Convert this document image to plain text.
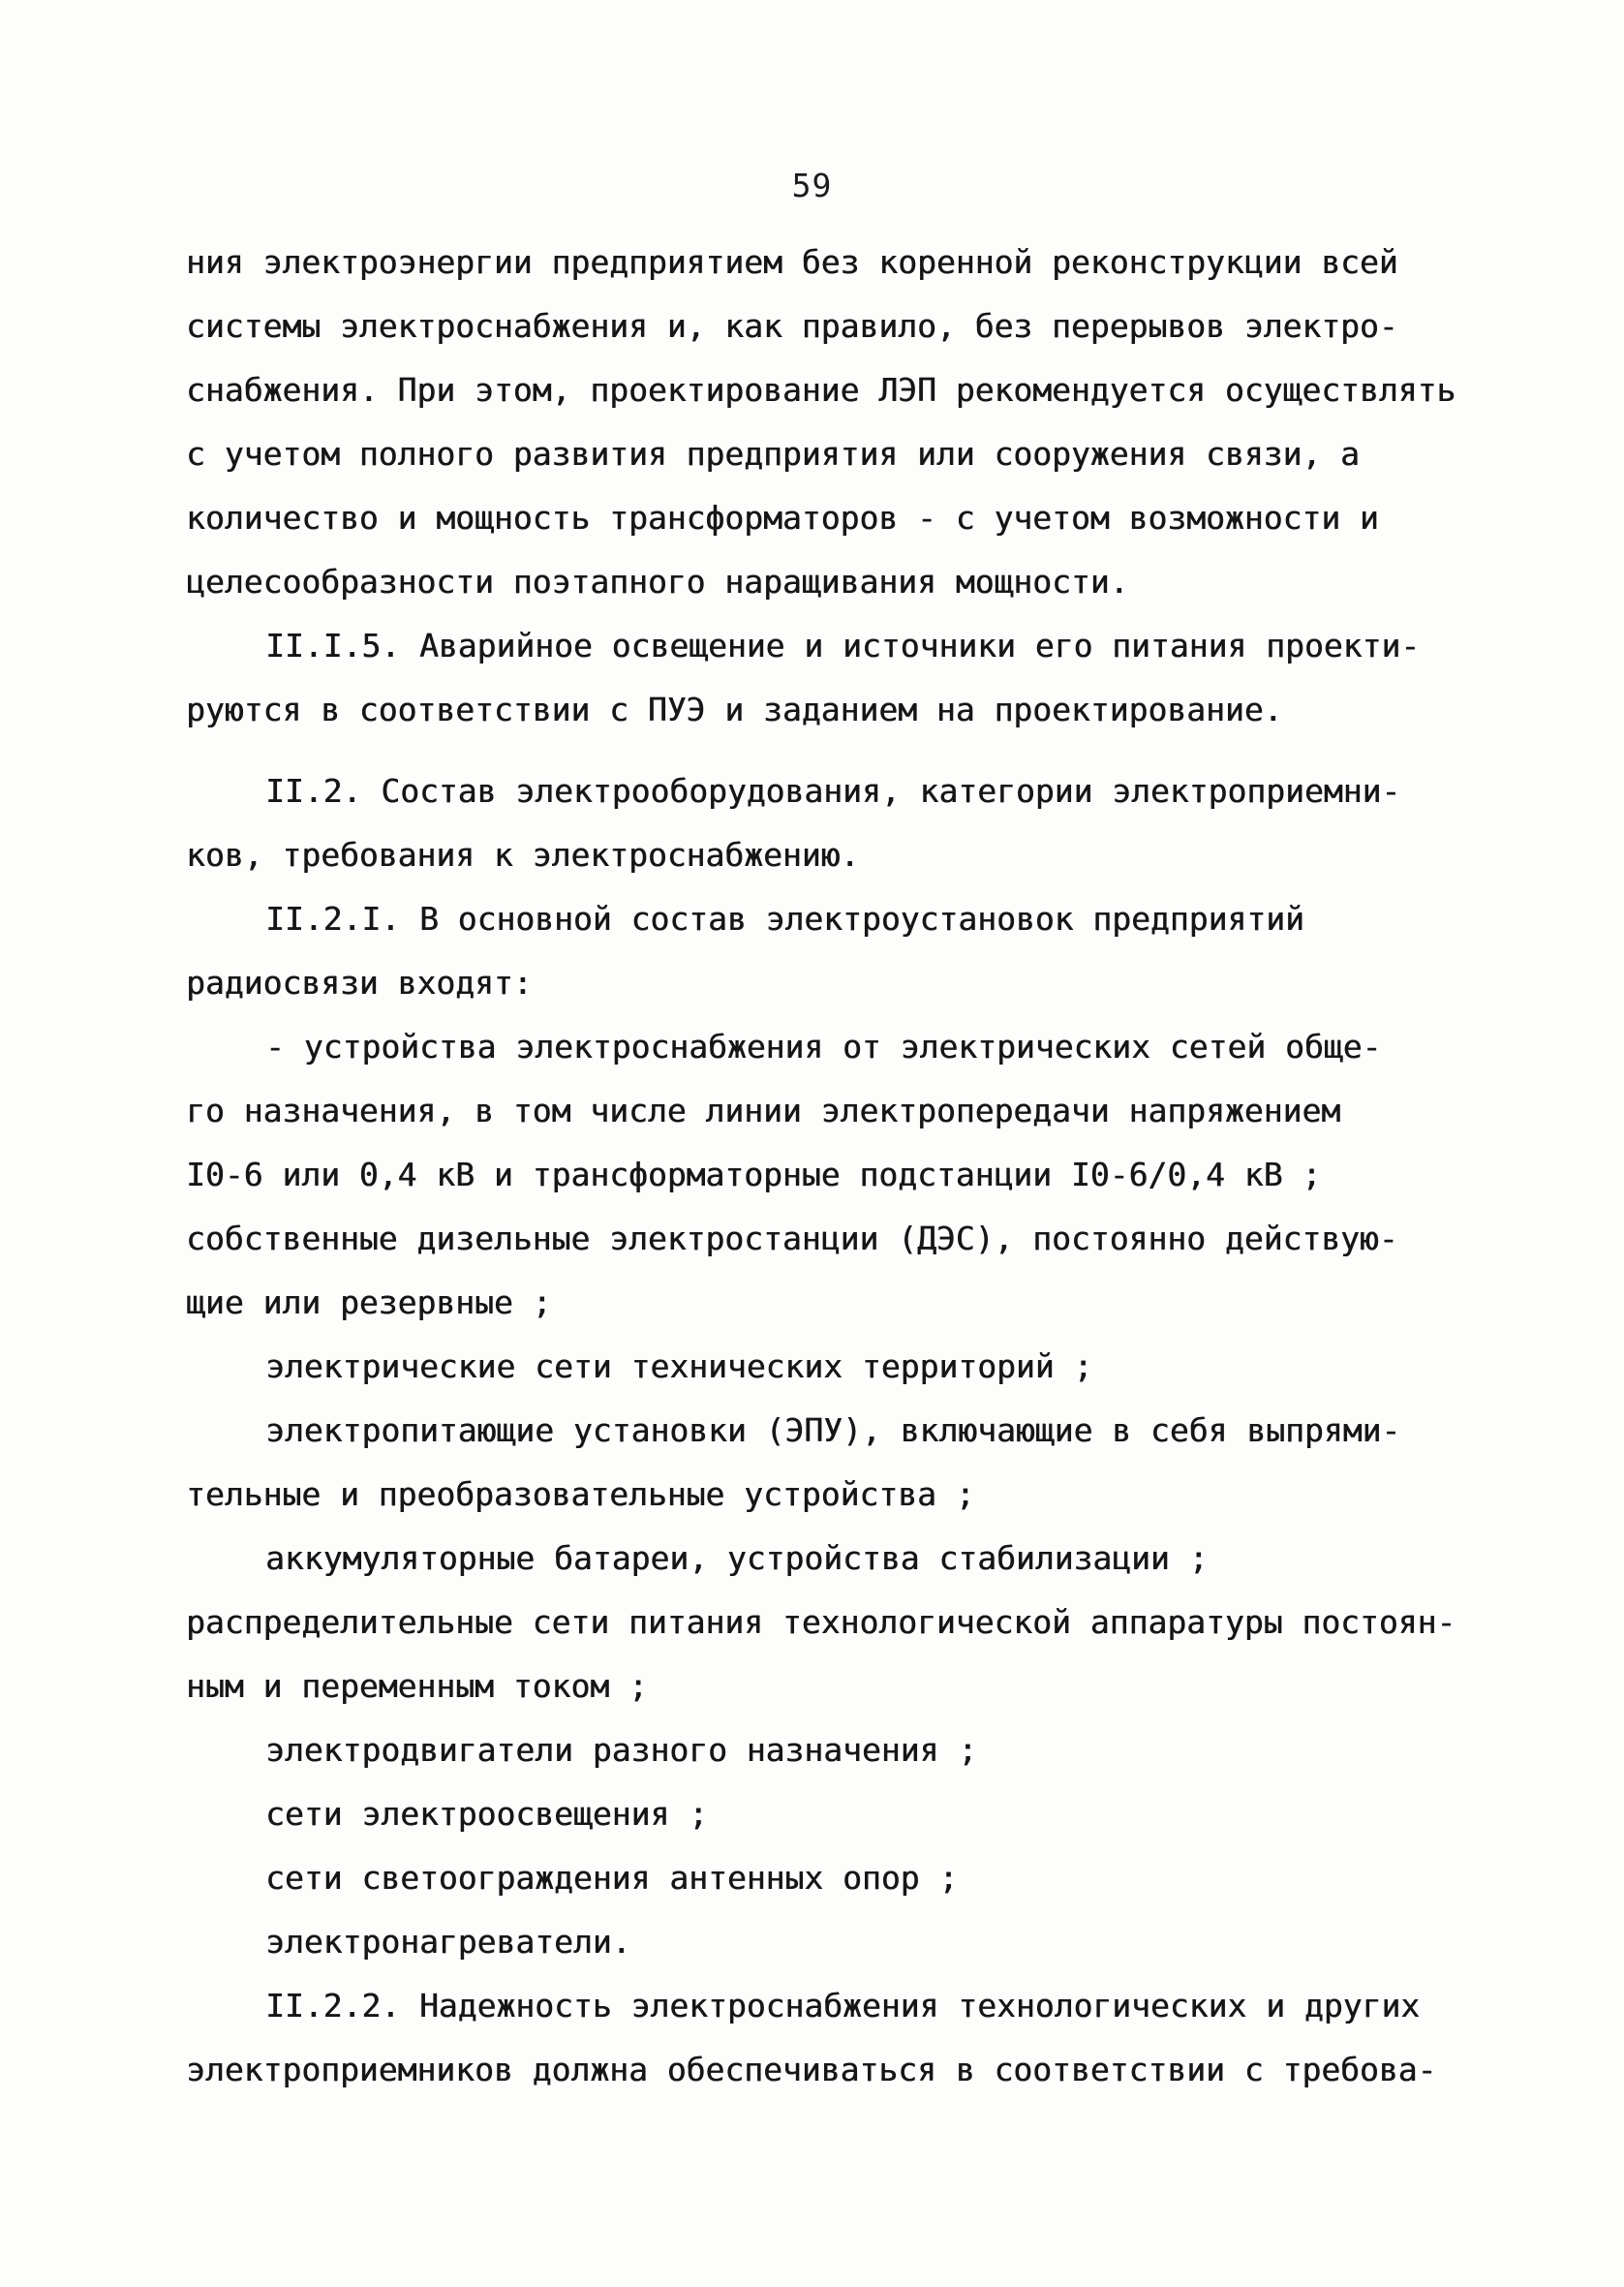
59
ния электроэнергии предприятием без коренной реконструкции всей
системы электроснабжения и, как правило, без перерывов электро-
снабжения. При этом, проектирование ЛЭП рекомендуется осуществлять
с учетом полного развития предприятия или сооружения связи, а
количество и мощность трансформаторов - с учетом возможности и
целесообразности поэтапного наращивания мощности.
II.I.5. Аварийное освещение и источники его питания проекти-
руются в соответствии с ПУЭ и заданием на проектирование.
II.2. Состав электрооборудования, категории электроприемни-
ков, требования к электроснабжению.
II.2.I. В основной состав электроустановок предприятий
радиосвязи входят:
- устройства электроснабжения от электрических сетей обще-
го назначения, в том числе линии электропередачи напряжением
I0-6 или 0,4 кВ и трансформаторные подстанции I0-6/0,4 кВ ;
собственные дизельные электростанции (ДЭС), постоянно действую-
щие или резервные ;
электрические сети технических территорий ;
электропитающие установки (ЭПУ), включающие в себя выпрями-
тельные и преобразовательные устройства ;
аккумуляторные батареи, устройства стабилизации ;
распределительные сети питания технологической аппаратуры постоян-
ным и переменным током ;
электродвигатели разного назначения ;
сети электроосвещения ;
сети светоограждения антенных опор ;
электронагреватели.
II.2.2. Надежность электроснабжения технологических и других
электроприемников должна обеспечиваться в соответствии с требова-
